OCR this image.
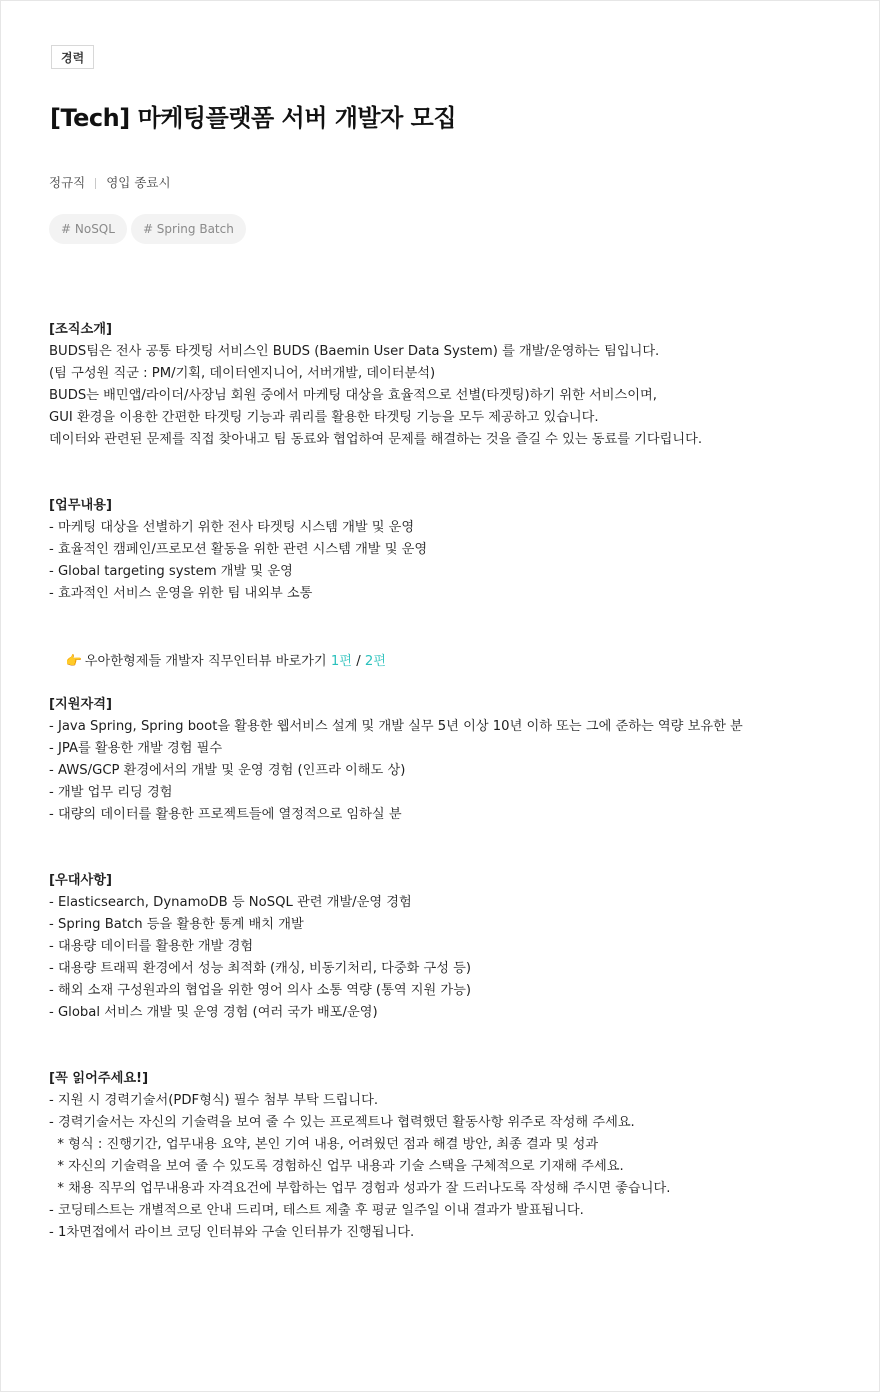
경력
[Tech] 마케팅플랫폼 서버 개발자 모집
정규직 영입 종료시
# NoSQL	# Spring Batch
[조직소개]
BUDS팀은 전사 공통 타겟팅 서비스인 BUDS (Baemin User Data System) 를 개발/운영하는 팀입니다.
(팀 구성원 직군 : PM/기획, 데이터엔지니어, 서버개발, 데이터분석)
BUDS는 배민앱/라이더/사장님 회원 중에서 마케팅 대상을 효율적으로 선별(타겟팅)하기 위한 서비스이며,
GUI 환경을 이용한 간편한 타겟팅 기능과 쿼리를 활용한 타겟팅 기능을 모두 제공하고 있습니다.
데이터와 관련된 문제를 직접 찾아내고 팀 동료와 협업하여 문제를 해결하는 것을 즐길 수 있는 동료를 기다립니다.
[업무내용]
- 마케팅 대상을 선별하기 위한 전사 타겟팅 시스템 개발 및 운영
- 효율적인 캠페인/프로모션 활동을 위한 관련 시스템 개발 및 운영
- Global targeting system 개발 및 운영
- 효과적인 서비스 운영을 위한 팀 내외부 소통

👉 우아한형제들 개발자 직무인터뷰 바로가기 1편 / 2편

[지원자격]
- Java Spring, Spring boot을 활용한 웹서비스 설계 및 개발 실무 5년 이상 10년 이하 또는 그에 준하는 역량 보유한 분
- JPA를 활용한 개발 경험 필수
- AWS/GCP 환경에서의 개발 및 운영 경험 (인프라 이해도 상)
- 개발 업무 리딩 경험
- 대량의 데이터를 활용한 프로젝트들에 열정적으로 임하실 분
[우대사항]
- Elasticsearch, DynamoDB 등 NoSQL 관련 개발/운영 경험
- Spring Batch 등을 활용한 통계 배치 개발
- 대용량 데이터를 활용한 개발 경험
- 대용량 트래픽 환경에서 성능 최적화 (캐싱, 비동기처리, 다중화 구성 등)
- 해외 소재 구성원과의 협업을 위한 영어 의사 소통 역량 (통역 지원 가능)
- Global 서비스 개발 및 운영 경험 (여러 국가 배포/운영)
[꼭 읽어주세요!]
- 지원 시 경력기술서(PDF형식) 필수 첨부 부탁 드립니다.
- 경력기술서는 자신의 기술력을 보여 줄 수 있는 프로젝트나 협력했던 활동사항 위주로 작성해 주세요.
* 형식 : 진행기간, 업무내용 요약, 본인 기여 내용, 어려웠던 점과 해결 방안, 최종 결과 및 성과
* 자신의 기술력을 보여 줄 수 있도록 경험하신 업무 내용과 기술 스택을 구체적으로 기재해 주세요.
* 채용 직무의 업무내용과 자격요건에 부합하는 업무 경험과 성과가 잘 드러나도록 작성해 주시면 좋습니다.
- 코딩테스트는 개별적으로 안내 드리며, 테스트 제출 후 평균 일주일 이내 결과가 발표됩니다.
- 1차면접에서 라이브 코딩 인터뷰와 구술 인터뷰가 진행됩니다.
